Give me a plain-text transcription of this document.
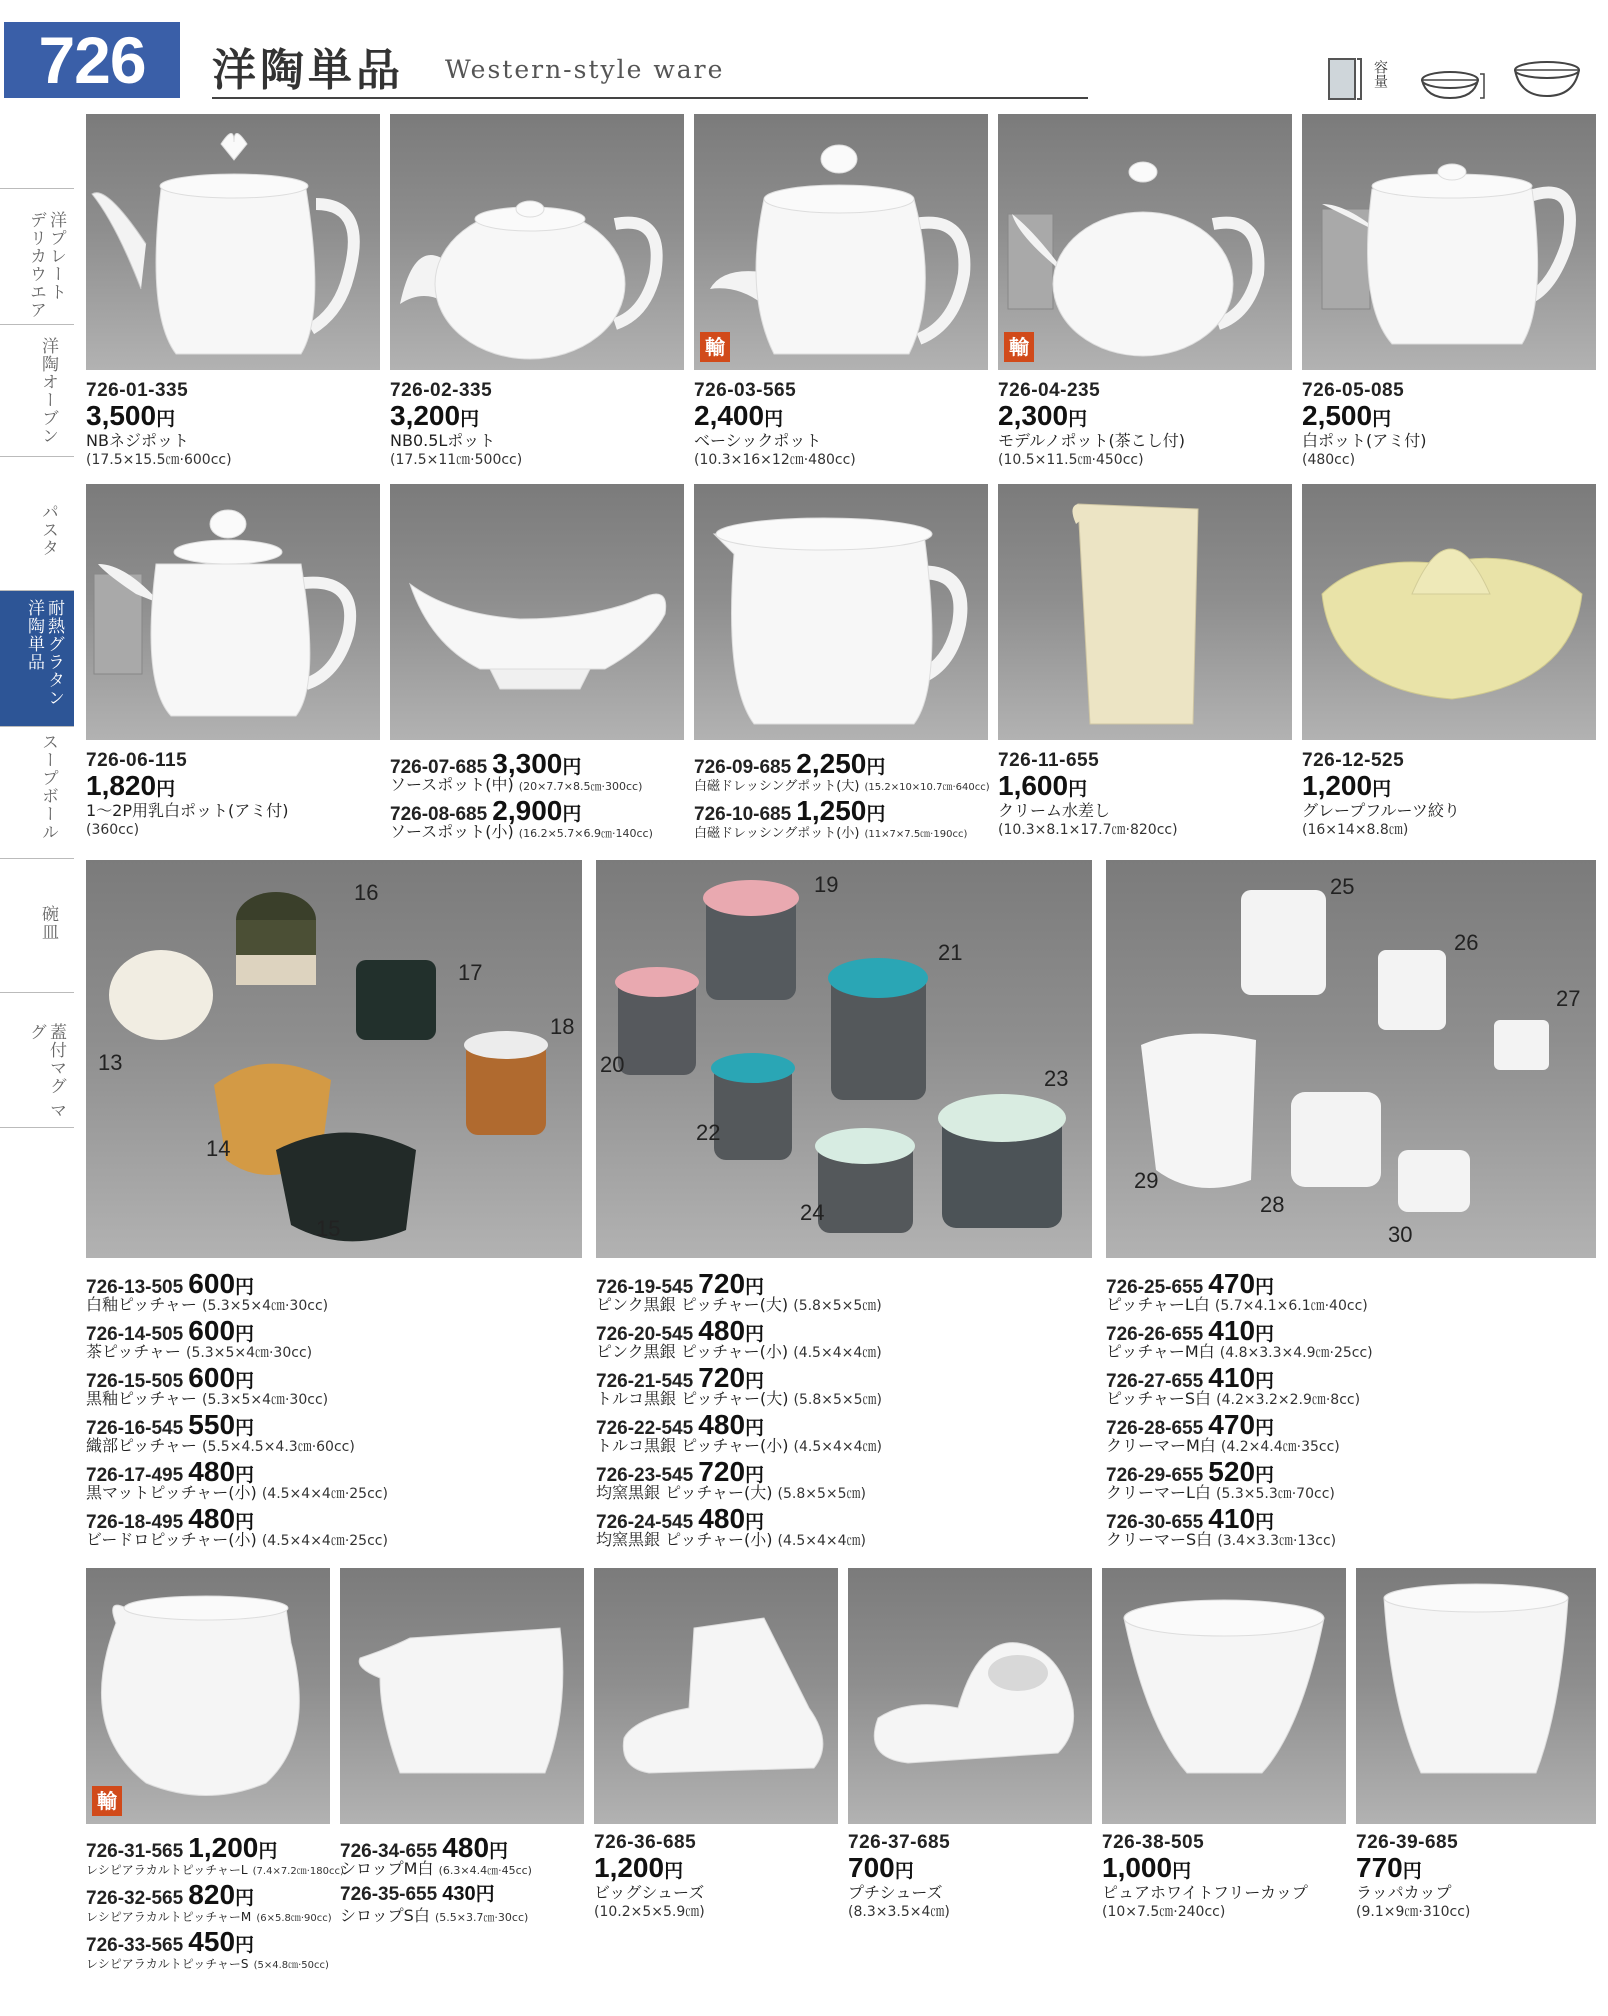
726	洋陶単品 Western-style ware	容量
洋プレート デリカウエア
洋陶オーブン
パスタ
耐熱グラタン 洋陶単品
スープボール
碗皿
蓋付マグ マグ
輸	輸
726-01-335
3,500円
NBネジポット
(17.5×15.5㎝·600cc)
726-02-335
3,200円
NB0.5Lポット
(17.5×11㎝·500cc)
726-03-565
2,400円
ベーシックポット
(10.3×16×12㎝·480cc)
726-04-235
2,300円
モデルノポット(茶こし付)
(10.5×11.5㎝·450cc)
726-05-085
2,500円
白ポット(アミ付)
(480cc)
726-06-115
1,820円
1～2P用乳白ポット(アミ付)
(360cc)
726-07-685 3,300円
ソースポット(中) (20×7.7×8.5㎝·300cc)
726-08-685 2,900円
ソースポット(小) (16.2×5.7×6.9㎝·140cc)
726-09-685 2,250円
白磁ドレッシングポット(大) (15.2×10×10.7㎝·640cc)
726-10-685 1,250円
白磁ドレッシングポット(小) (11×7×7.5㎝·190cc)
726-11-655
1,600円
クリーム水差し
(10.3×8.1×17.7㎝·820cc)
726-12-525
1,200円
グレープフルーツ絞り
(16×14×8.8㎝)
16
17
18
13
14
15
19
21
20
23
22
24
25
26
27
29
28
30
726-13-505 600円
白釉ピッチャー (5.3×5×4㎝·30cc)
726-14-505 600円
茶ピッチャー (5.3×5×4㎝·30cc)
726-15-505 600円
黒釉ピッチャー (5.3×5×4㎝·30cc)
726-16-545 550円
織部ピッチャー (5.5×4.5×4.3㎝·60cc)
726-17-495 480円
黒マットピッチャー(小) (4.5×4×4㎝·25cc)
726-18-495 480円
ビードロピッチャー(小) (4.5×4×4㎝·25cc)
726-19-545 720円
ピンク黒銀 ピッチャー(大) (5.8×5×5㎝)
726-20-545 480円
ピンク黒銀 ピッチャー(小) (4.5×4×4㎝)
726-21-545 720円
トルコ黒銀 ピッチャー(大) (5.8×5×5㎝)
726-22-545 480円
トルコ黒銀 ピッチャー(小) (4.5×4×4㎝)
726-23-545 720円
均窯黒銀 ピッチャー(大) (5.8×5×5㎝)
726-24-545 480円
均窯黒銀 ピッチャー(小) (4.5×4×4㎝)
726-25-655 470円
ピッチャーL白 (5.7×4.1×6.1㎝·40cc)
726-26-655 410円
ピッチャーM白 (4.8×3.3×4.9㎝·25cc)
726-27-655 410円
ピッチャーS白 (4.2×3.2×2.9㎝·8cc)
726-28-655 470円
クリーマーM白 (4.2×4.4㎝·35cc)
726-29-655 520円
クリーマーL白 (5.3×5.3㎝·70cc)
726-30-655 410円
クリーマーS白 (3.4×3.3㎝·13cc)
輸
726-31-565 1,200円
レシピアラカルトピッチャーL (7.4×7.2㎝·180cc)
726-32-565 820円
レシピアラカルトピッチャーM (6×5.8㎝·90cc)
726-33-565 450円
レシピアラカルトピッチャーS (5×4.8㎝·50cc)
726-34-655 480円
シロップM白 (6.3×4.4㎝·45cc)
726-35-655 430円
シロップS白 (5.5×3.7㎝·30cc)
726-36-685
1,200円
ビッグシューズ
(10.2×5×5.9㎝)
726-37-685
700円
プチシューズ
(8.3×3.5×4㎝)
726-38-505
1,000円
ピュアホワイトフリーカップ
(10×7.5㎝·240cc)
726-39-685
770円
ラッパカップ
(9.1×9㎝·310cc)
